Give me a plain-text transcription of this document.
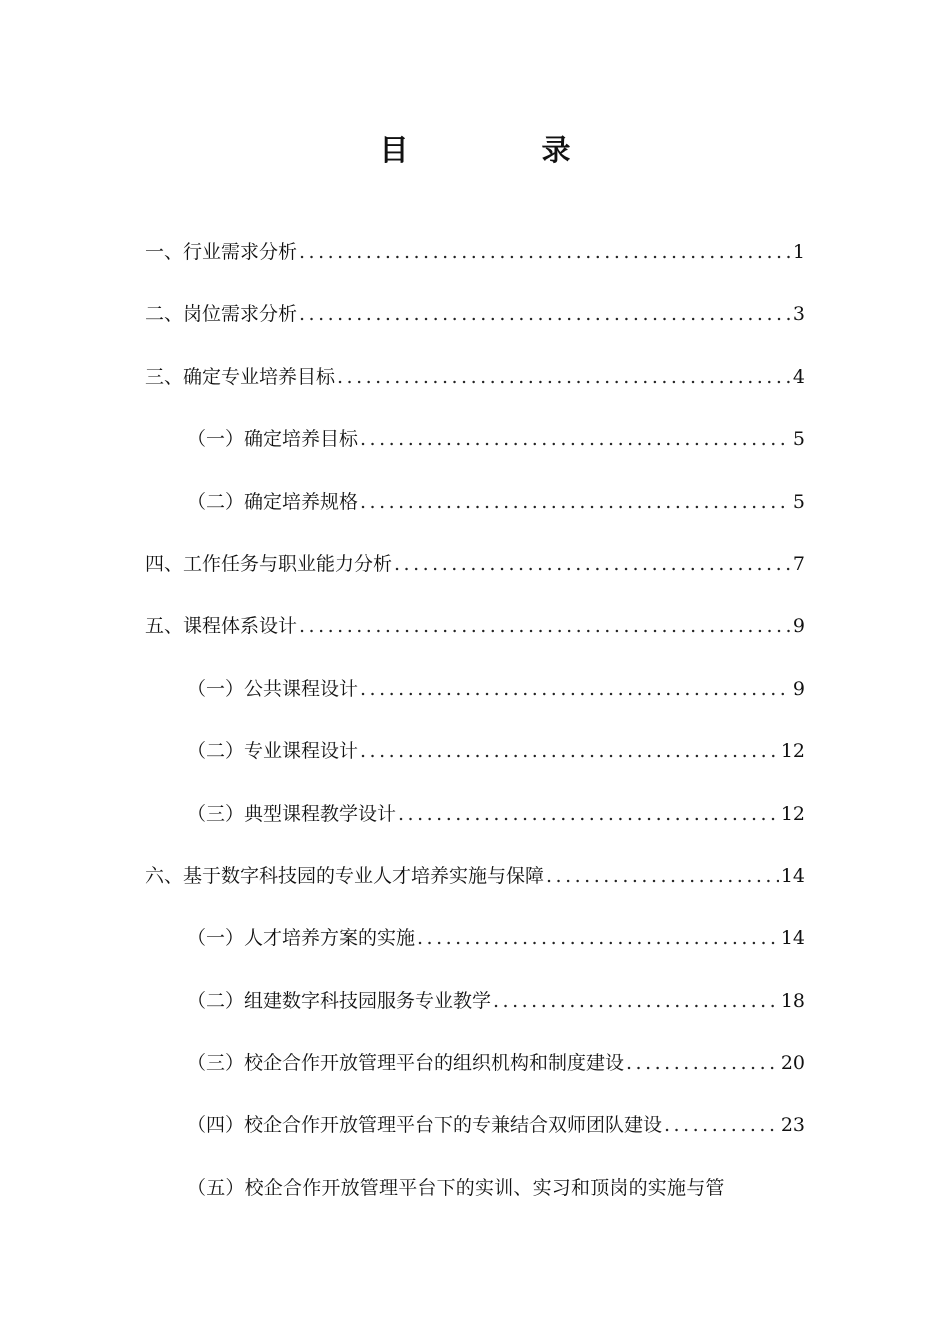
目　录
一、行业需求分析 .....	1
二、岗位需求分析 .....	3
三、确定专业培养目标 .....	4
（一）确定培养目标 .....	5
（二）确定培养规格 .....	5
四、工作任务与职业能力分析 .....	7
五、课程体系设计 .....	9
（一）公共课程设计 .....	9
（二）专业课程设计 .....	12
（三）典型课程教学设计 .....	12
六、基于数字科技园的专业人才培养实施与保障 .....	14
（一）人才培养方案的实施 .....	14
（二）组建数字科技园服务专业教学 .....	18
（三）校企合作开放管理平台的组织机构和制度建设 .....	20
（四）校企合作开放管理平台下的专兼结合双师团队建设 .....	23
（五）校企合作开放管理平台下的实训、实习和顶岗的实施与管
